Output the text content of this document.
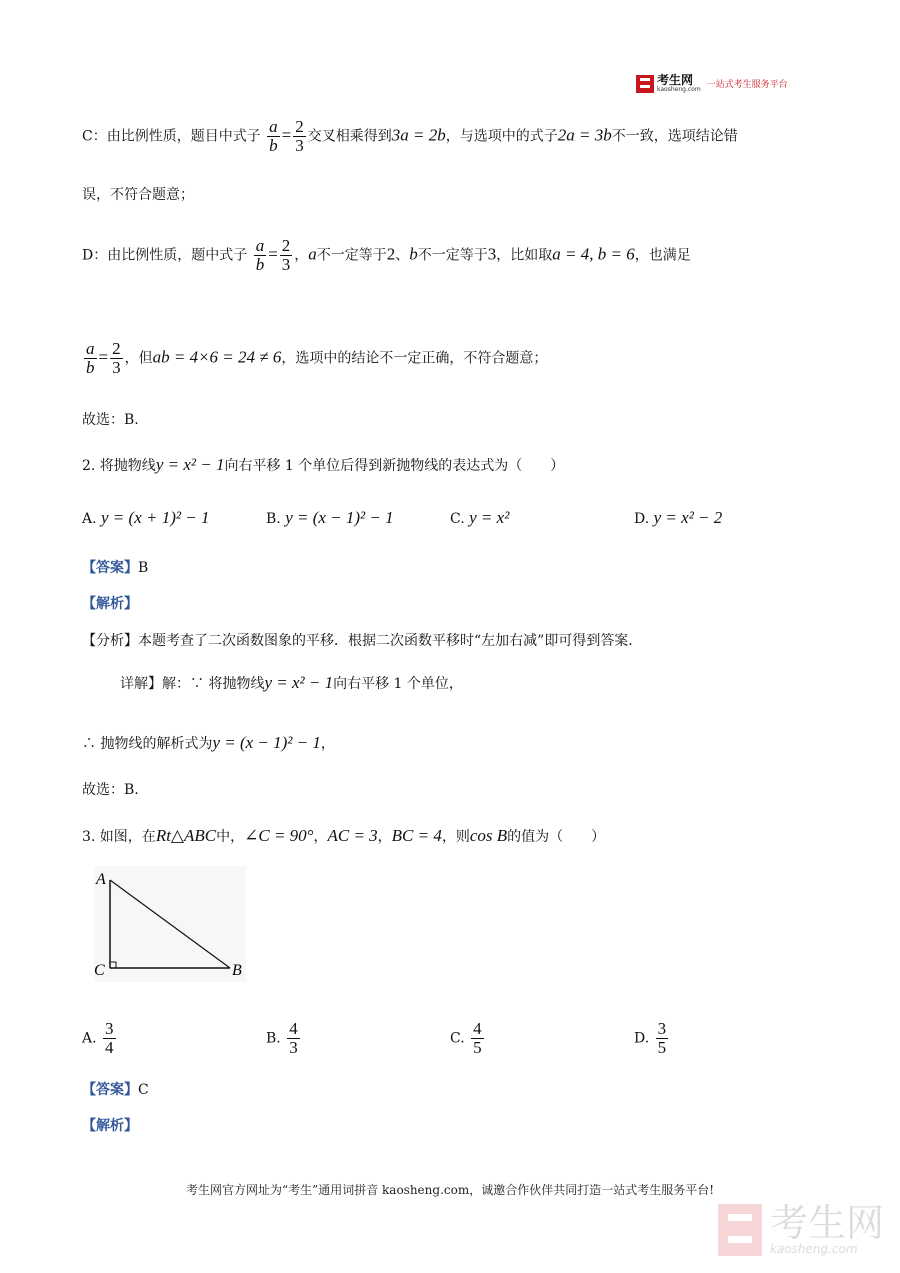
考生网
kaosheng.com 一站式考生服务平台
C：由比例性质，题目中式子 $\frac{a}{b} = \frac{2}{3}$ 交叉相乘得到3a = 2b，与选项中的式子2a = 3b不一致，选项结论错
误，不符合题意；
D：由比例性质，题中式子 $\frac{a}{b} = \frac{2}{3}$ ，a不一定等于2、b不一定等于3，比如取a = 4, b = 6，也满足
$\frac{a}{b} = \frac{2}{3}$ ，但ab = 4×6 = 24 ≠ 6，选项中的结论不一定正确，不符合题意；
故选：B.
2. 将抛物线y = x² − 1向右平移 1 个单位后得到新抛物线的表达式为（　　）
A. y = (x + 1)² − 1	B. y = (x − 1)² − 1	C. y = x²	D. y = x² − 2
【答案】B
【解析】
【分析】本题考查了二次函数图象的平移．根据二次函数平移时“左加右减”即可得到答案．
详解】解：∵ 将抛物线y = x² − 1向右平移 1 个单位，
∴ 抛物线的解析式为y = (x − 1)² − 1，
故选：B.
3. 如图，在Rt△ABC中，∠C = 90°，AC = 3，BC = 4，则cos B的值为（　　）
A
C	B
A. $\frac{3}{4}$	B. $\frac{4}{3}$	C. $\frac{4}{5}$	D. $\frac{3}{5}$
【答案】C
【解析】
考生网官方网址为“考生”通用词拼音 kaosheng.com，诚邀合作伙伴共同打造一站式考生服务平台!
考生网
kaosheng.com
